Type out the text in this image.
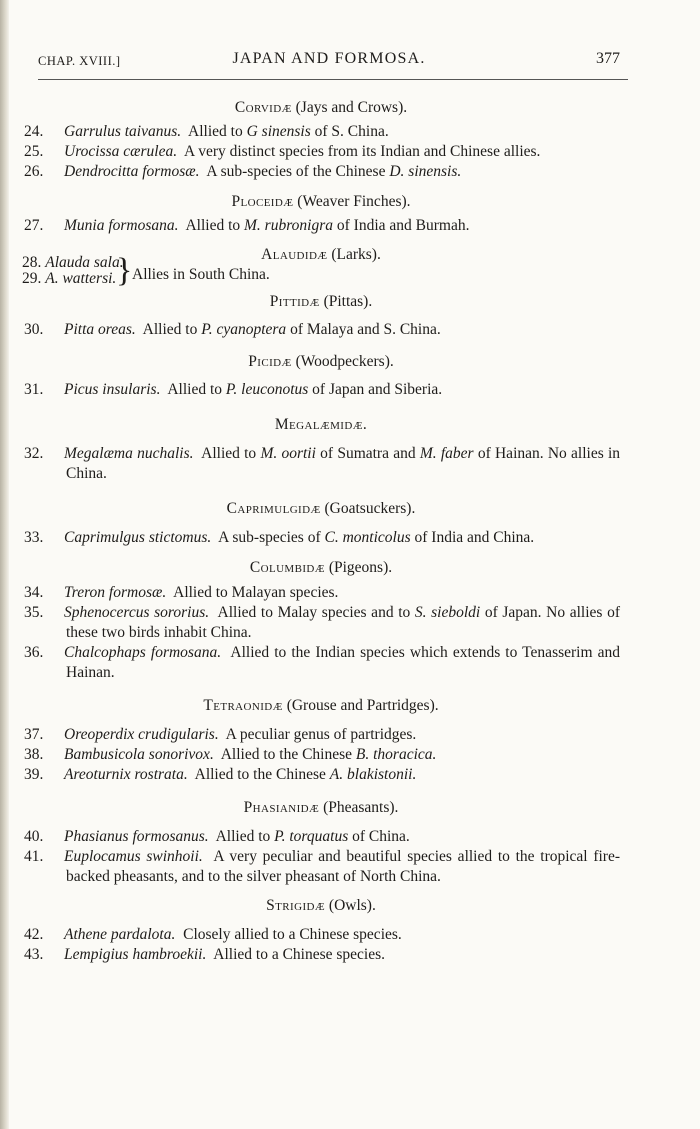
CHAP. XVIII.]	JAPAN AND FORMOSA.	377

Corvidæ (Jays and Crows).

24. Garrulus taivanus. Allied to G sinensis of S. China.

25. Urocissa cærulea. A very distinct species from its Indian and Chinese allies.

26. Dendrocitta formosæ. A sub-species of the Chinese D. sinensis.

Ploceidæ (Weaver Finches).

27. Munia formosana. Allied to M. rubronigra of India and Burmah.

Alaudidæ (Larks).

28. Alauda sala.
29. A. wattersi. } Allies in South China.

Pittidæ (Pittas).

30. Pitta oreas. Allied to P. cyanoptera of Malaya and S. China.

Picidæ (Woodpeckers).

31. Picus insularis. Allied to P. leuconotus of Japan and Siberia.

Megalæmidæ.

32. Megalæma nuchalis. Allied to M. oortii of Sumatra and M. faber of Hainan. No allies in China.

Caprimulgidæ (Goatsuckers).

33. Caprimulgus stictomus. A sub-species of C. monticolus of India and China.

Columbidæ (Pigeons).

34. Treron formosæ. Allied to Malayan species.

35. Sphenocercus sororius. Allied to Malay species and to S. sieboldi of Japan. No allies of these two birds inhabit China.

36. Chalcophaps formosana. Allied to the Indian species which extends to Tenasserim and Hainan.

Tetraonidæ (Grouse and Partridges).

37. Oreoperdix crudigularis. A peculiar genus of partridges.

38. Bambusicola sonorivox. Allied to the Chinese B. thoracica.

39. Areoturnix rostrata. Allied to the Chinese A. blakistonii.

Phasianidæ (Pheasants).

40. Phasianus formosanus. Allied to P. torquatus of China.

41. Euplocamus swinhoii. A very peculiar and beautiful species allied to the tropical fire-backed pheasants, and to the silver pheasant of North China.

Strigidæ (Owls).

42. Athene pardalota. Closely allied to a Chinese species.

43. Lempigius hambroekii. Allied to a Chinese species.
